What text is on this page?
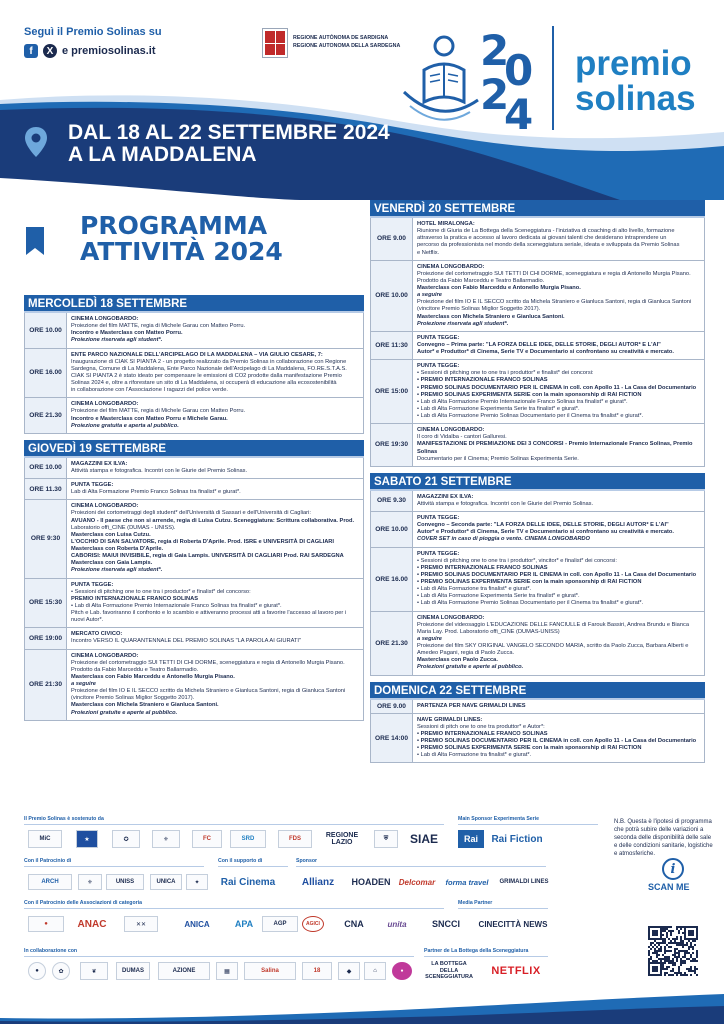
Seguì il Premio Solinas su
f	X e premiosolinas.it
REGIONE AUTÒNOMA DE SARDIGNA
REGIONE AUTONOMA DELLA SARDEGNA 2
0
2
4
premio
solinas
DAL 18 AL 22 SETTEMBRE 2024
A LA MADDALENA
PROGRAMMA
ATTIVITÀ 2024
MERCOLEDÌ 18 SETTEMBRE
ORE 10.00
CINEMA LONGOBARDO:
Proiezione del film MATTE, regia di Michele Garau con Matteo Porru.
Incontro e Masterclass con Matteo Porru.
Proiezione riservata agli student*.
ORE 16.00
ENTE PARCO NAZIONALE DELL'ARCIPELAGO DI LA MADDALENA – VIA GIULIO CESARE, 7:
Inaugurazione di CIAK SI PIANTA 2 - un progetto realizzato da Premio Solinas in collaborazione con Regione
Sardegna, Comune di La Maddalena, Ente Parco Nazionale dell'Arcipelago di La Maddalena, FO.RE.S.T.A.S.
CIAK SI PIANTA 2 è stato ideato per compensare le emissioni di CO2 prodotte dalla manifestazione Premio
Solinas 2024 e, oltre a riforestare un sito di La Maddalena, si occuperà di educazione alla ecosostenibilità
in collaborazione con l'Associazione I ragazzi del police verde.
ORE 21.30
CINEMA LONGOBARDO:
Proiezione del film MATTE, regia di Michele Garau con Matteo Porru.
Incontro e Masterclass con Matteo Porru e Michele Garau.
Proiezione gratuita e aperta al pubblico.
GIOVEDÌ 19 SETTEMBRE
ORE 10.00
MAGAZZINI EX ILVA:
Attività stampa e fotografica. Incontri con le Giurie del Premio Solinas.
ORE 11.30
PUNTA TEGGE:
Lab di Alta Formazione Premio Franco Solinas tra finalist* e giurat*.
ORE 9:30
CINEMA LONGOBARDO:
Proiezioni dei cortometraggi degli student* dell'Università di Sassari e dell'Università di Cagliari:
AVUANO - Il paese che non si arrende, regia di Luisa Cutzu. Sceneggiatura: Scrittura collaborativa. Prod.
Laboratorio offi_CINE (DUMAS - UNISS).
Masterclass con Luisa Cutzu.
L'OCCHIO DI SAN SALVATORE, regia di Roberta D'Aprile. Prod. ISRE e UNIVERSITÀ DI CAGLIARI
Masterclass con Roberta D'Aprile.
CABORISI: MAIUI INVISIBILE, regia di Gaia Lampis. UNIVERSITÀ DI CAGLIARI Prod. RAI SARDEGNA
Masterclass con Gaia Lampis.
Proiezione riservata agli student*.
ORE 15:30
PUNTA TEGGE:
• Sessioni di pitching one to one tra i productor* e finalist* del concorso:
PREMIO INTERNAZIONALE FRANCO SOLINAS
• Lab di Alta Formazione Premio Internazionale Franco Solinas tra finalist* e giurat*.
Pitch e Lab. favoriranno il confronto e lo scambio e attiveranno processi atti a favorire l'accesso al lavoro per i
nuovi Autor*.
ORE 19:00
MERCATO CIVICO:
Incontro VERSO IL QUARANTENNALE DEL PREMIO SOLINAS "LA PAROLA AI GIURATI"
ORE 21:30
CINEMA LONGOBARDO:
Proiezione del cortometraggio SUI TETTI DI CHI DORME, sceneggiatura e regia di Antonello Murgia Pisano.
Prodotto da Fabio Marceddu e Teatro Ballarmadio.
Masterclass con Fabio Marceddu e Antonello Murgia Pisano.
a seguire
Proiezione del film IO E IL SECCO scritto da Michela Straniero e Gianluca Santoni, regia di Gianluca Santoni
(vincitore Premio Solinas Miglior Soggetto 2017).
Masterclass con Michela Straniero e Gianluca Santoni.
Proiezioni gratuite e aperte al pubblico.
VENERDÌ 20 SETTEMBRE
ORE 9.00
HOTEL MIRALONGA:
Riunione di Giuria de La Bottega della Sceneggiatura - l'iniziativa di coaching di alto livello, formazione
attraverso la pratica e accesso al lavoro dedicata ai giovani talenti che desiderano intraprendere un
percorso da professionista nel mondo della sceneggiatura seriale, ideata e sviluppata da Premio Solinas
e Netflix.
ORE 10.00
CINEMA LONGOBARDO:
Proiezione del cortometraggio SUI TETTI DI CHI DORME, sceneggiatura e regia di Antonello Murgia Pisano.
Prodotto da Fabio Marceddu e Teatro Ballarmadio.
Masterclass con Fabio Marceddu e Antonello Murgia Pisano.
a seguire
Proiezione del film IO E IL SECCO scritto da Michela Straniero e Gianluca Santoni, regia di Gianluca Santoni
(vincitore Premio Solinas Miglior Soggetto 2017).
Masterclass con Michela Straniero e Gianluca Santoni.
Proiezione riservata agli student*.
ORE 11:30
PUNTA TEGGE:
Convegno – Prima parte: "LA FORZA DELLE IDEE, DELLE STORIE, DEGLI AUTOR* E L'AI"
Autor* e Produttor* di Cinema, Serie TV e Documentario si confrontano su creatività e mercato.
ORE 15:00
PUNTA TEGGE:
• Sessioni di pitching one to one tra i produttor* e finalist* dei concorsi:
• PREMIO INTERNAZIONALE FRANCO SOLINAS
• PREMIO SOLINAS DOCUMENTARIO PER IL CINEMA in coll. con Apollo 11 - La Casa del Documentario
• PREMIO SOLINAS EXPERIMENTA SERIE con la main sponsorship di RAI FICTION
• Lab di Alta Formazione Premio Internazionale Franco Solinas tra finalist* e giurat*.
• Lab di Alta Formazione Experimenta Serie tra finalist* e giurat*.
• Lab di Alta Formazione Premio Solinas Documentario per il Cinema tra finalist* e giurat*.
ORE 19:30
CINEMA LONGOBARDO:
Il coro di Vidalba - cantori Galluresi.
MANIFESTAZIONE DI PREMIAZIONE DEI 3 CONCORSI - Premio Internazionale Franco Solinas, Premio Solinas
Documentario per il Cinema; Premio Solinas Experimenta Serie.
SABATO 21 SETTEMBRE
ORE 9.30
MAGAZZINI EX ILVA:
Attività stampa e fotografica. Incontri con le Giurie del Premio Solinas.
ORE 10.00
PUNTA TEGGE:
Convegno – Seconda parte: "LA FORZA DELLE IDEE, DELLE STORIE, DEGLI AUTOR* E L'AI"
Autor* e Produttor* di Cinema, Serie TV e Documentario si confrontano su creatività e mercato.
COVER SET in caso di pioggia o vento. CINEMA LONGOBARDO
ORE 16.00
PUNTA TEGGE:
• Sessioni di pitching one to one tra i produttor*, vincitor* e finalist* dei concorsi:
• PREMIO INTERNAZIONALE FRANCO SOLINAS
• PREMIO SOLINAS DOCUMENTARIO PER IL CINEMA in coll. con Apollo 11 - La Casa del Documentario
• PREMIO SOLINAS EXPERIMENTA SERIE con la main sponsorship di RAI FICTION
• Lab di Alta Formazione tra finalist* e giurat*.
• Lab di Alta Formazione Experimenta Serie tra finalist* e giurat*.
• Lab di Alta Formazione Premio Solinas Documentario per il Cinema tra finalist* e giurat*.
ORE 21.30
CINEMA LONGOBARDO:
Proiezione del videosaggio L'EDUCAZIONE DELLE FANCIULLE di Farouk Bassiri, Andrea Brundu e Bianca
Maria Lay. Prod. Laboratorio offi_CINE (DUMAS-UNISS)
a seguire
Proiezione del film SKY ORIGINAL VANGELO SECONDO MARIA, scritto da Paolo Zucca, Barbara Alberti e
Amedeo Pagani, regia di Paolo Zucca.
Masterclass con Paolo Zucca.
Proiezioni gratuite e aperte al pubblico.
DOMENICA 22 SETTEMBRE
ORE 9.00	PARTENZA PER NAVE GRIMALDI LINES
ORE 14:00
NAVE GRIMALDI LINES:
Sessioni di pitch one to one tra produttor* e Autor*:
• PREMIO INTERNAZIONALE FRANCO SOLINAS
• PREMIO SOLINAS DOCUMENTARIO PER IL CINEMA in coll. con Apollo 11 - La Casa del Documentario
• PREMIO SOLINAS EXPERIMENTA SERIE con la main sponsorship di RAI FICTION
• Lab di Alta Formazione tra finalist* e giurat*.
Il Premio Solinas è sostenuto da	Main Sponsor Experimenta Serie
MiC	★	✪	⚜	FC	SRD	FDS	REGIONE LAZIO
⛨	SIAE	Rai	Rai Fiction
Con il Patrocinio di	Con il supporto di	Sponsor
ARCH	⚜	UNISS	UNICA	✦	Rai Cinema	Allianz	HOADEN Delcomar	forma travel	GRIMALDI LINES
Con il Patrocinio delle Associazioni di categoria	Media Partner
●	ANAC	✕✕	ANICA	APA	AGP	AGICI	CNA	unita	SNCCI	CINECITTÀ NEWS
In collaborazione con	Partner de La Bottega della Sceneggiatura
●	✿	❦	DUMAS	AZIONE	▦	Salina	18	◆	⌂	●
LA BOTTEGA DELLA SCENEGGIATURA
NETFLIX
N.B. Questa è l'ipotesi di programma che potrà subire delle variazioni a seconda delle disponibilità delle sale e delle condizioni sanitarie, logistiche e atmosferiche.
i
SCAN ME
